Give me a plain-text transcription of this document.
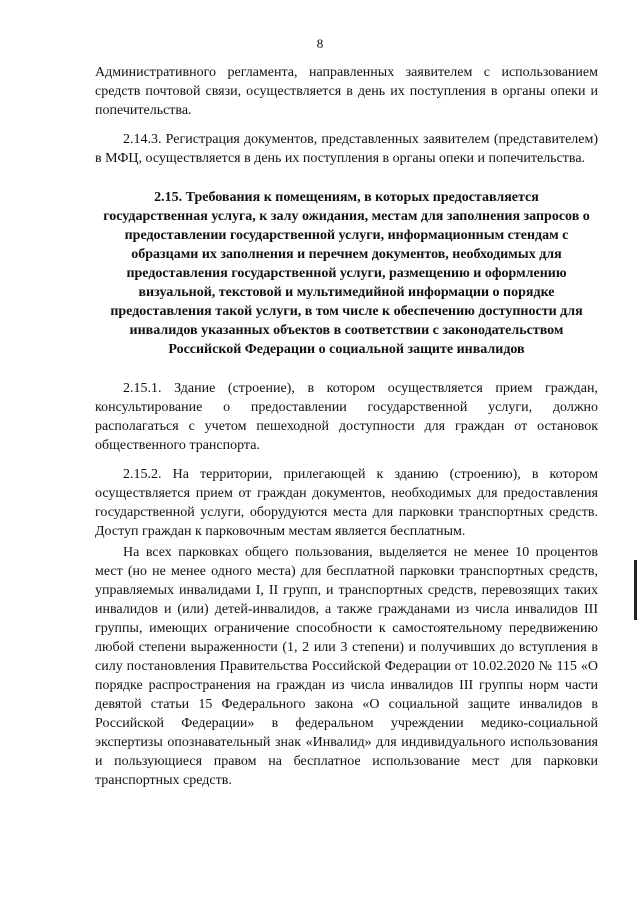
8

Административного регламента, направленных заявителем с использованием средств почтовой связи, осуществляется в день их поступления в органы опеки и попечительства.

2.14.3. Регистрация документов, представленных заявителем (представителем) в МФЦ, осуществляется в день их поступления в органы опеки и попечительства.

2.15. Требования к помещениям, в которых предоставляется государственная услуга, к залу ожидания, местам для заполнения запросов о предоставлении государственной услуги, информационным стендам с образцами их заполнения и перечнем документов, необходимых для предоставления государственной услуги, размещению и оформлению визуальной, текстовой и мультимедийной информации о порядке предоставления такой услуги, в том числе к обеспечению доступности для инвалидов указанных объектов в соответствии с законодательством Российской Федерации о социальной защите инвалидов

2.15.1. Здание (строение), в котором осуществляется прием граждан, консультирование о предоставлении государственной услуги, должно располагаться с учетом пешеходной доступности для граждан от остановок общественного транспорта.

2.15.2. На территории, прилегающей к зданию (строению), в котором осуществляется прием от граждан документов, необходимых для предоставления государственной услуги, оборудуются места для парковки транспортных средств. Доступ граждан к парковочным местам является бесплатным.

На всех парковках общего пользования, выделяется не менее 10 процентов мест (но не менее одного места) для бесплатной парковки транспортных средств, управляемых инвалидами I, II групп, и транспортных средств, перевозящих таких инвалидов и (или) детей-инвалидов, а также гражданами из числа инвалидов III группы, имеющих ограничение способности к самостоятельному передвижению любой степени выраженности (1, 2 или 3 степени) и получивших до вступления в силу постановления Правительства Российской Федерации от 10.02.2020 № 115 «О порядке распространения на граждан из числа инвалидов III группы норм части девятой статьи 15 Федерального закона «О социальной защите инвалидов в Российской Федерации» в федеральном учреждении медико-социальной экспертизы опознавательный знак «Инвалид» для индивидуального использования и пользующиеся правом на бесплатное использование мест для парковки транспортных средств.
